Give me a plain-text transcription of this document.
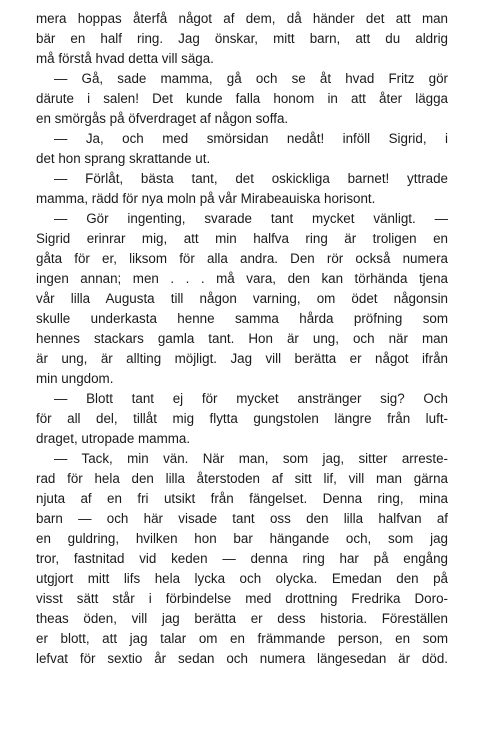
mera hoppas återfå något af dem, då händer det att man
bär en half ring. Jag önskar, mitt barn, att du aldrig
må förstå hvad detta vill säga.
— Gå, sade mamma, gå och se åt hvad Fritz gör
därute i salen! Det kunde falla honom in att åter lägga
en smörgås på öfverdraget af någon soffa.
— Ja, och med smörsidan nedåt! inföll Sigrid, i
det hon sprang skrattande ut.
— Förlåt, bästa tant, det oskickliga barnet! yttrade
mamma, rädd för nya moln på vår Mirabeauiska horisont.
— Gör ingenting, svarade tant mycket vänligt. —
Sigrid erinrar mig, att min halfva ring är troligen en
gåta för er, liksom för alla andra. Den rör också numera
ingen annan; men . . . må vara, den kan törhända tjena
vår lilla Augusta till någon varning, om ödet någonsin
skulle underkasta henne samma hårda pröfning som
hennes stackars gamla tant. Hon är ung, och när man
är ung, är allting möjligt. Jag vill berätta er något ifrån
min ungdom.
— Blott tant ej för mycket anstränger sig? Och
för all del, tillåt mig flytta gungstolen längre från luft-
draget, utropade mamma.
— Tack, min vän. När man, som jag, sitter arreste-
rad för hela den lilla återstoden af sitt lif, vill man gärna
njuta af en fri utsikt från fängelset. Denna ring, mina
barn — och här visade tant oss den lilla halfvan af
en guldring, hvilken hon bar hängande och, som jag
tror, fastnitad vid keden — denna ring har på engång
utgjort mitt lifs hela lycka och olycka. Emedan den på
visst sätt står i förbindelse med drottning Fredrika Doro-
theas öden, vill jag berätta er dess historia. Föreställen
er blott, att jag talar om en främmande person, en som
lefvat för sextio år sedan och numera längesedan är död.
